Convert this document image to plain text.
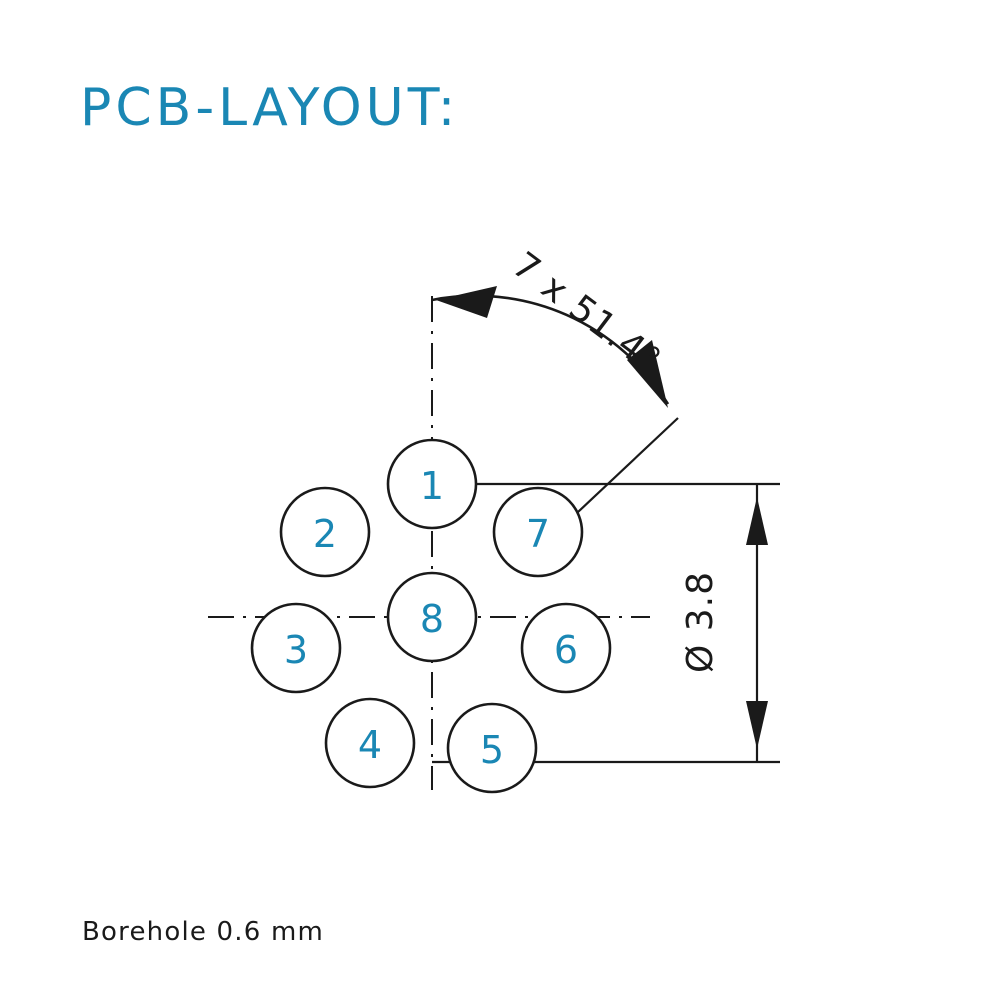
PCB-LAYOUT:
1
2
3
4	5
6
7
8
7 x 51.4°
Ø 3.8
Borehole 0.6 mm
